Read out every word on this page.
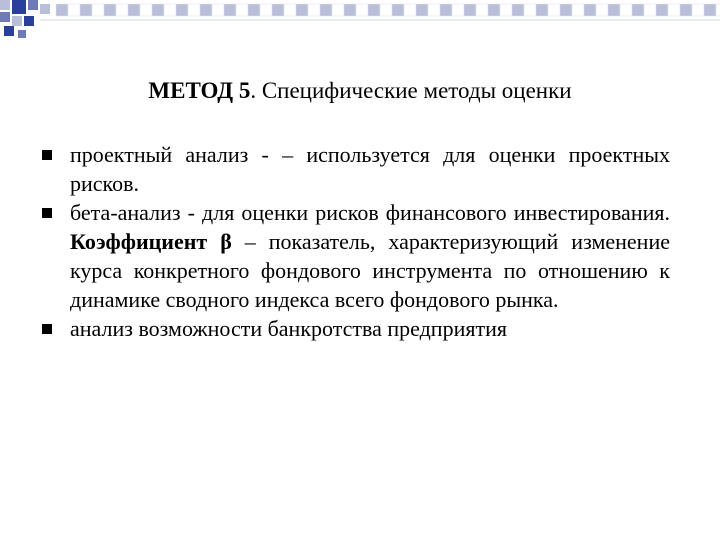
МЕТОД 5. Специфические методы оценки
проектный анализ - – используется для оценки проектных рисков.
бета-анализ - для оценки рисков финансового инвестирования. Коэффициент β – показатель, характеризующий изменение курса конкретного фондового инструмента по отношению к динамике сводного индекса всего фондового рынка.
анализ возможности банкротства предприятия
